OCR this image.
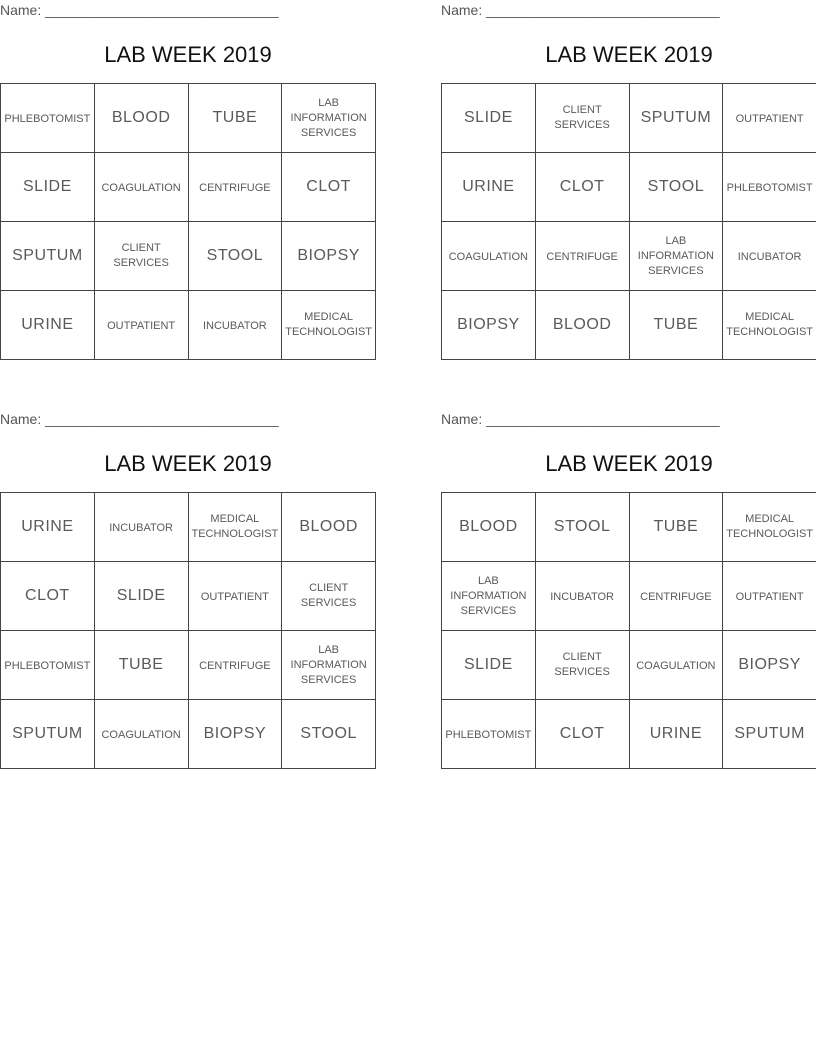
Name: ______________________________
LAB WEEK 2019
PHLEBOTOMIST	BLOOD	TUBE	LAB
INFORMATION
SERVICES
SLIDE	COAGULATION	CENTRIFUGE	CLOT
SPUTUM	CLIENT
SERVICES	STOOL	BIOPSY
URINE	OUTPATIENT	INCUBATOR	MEDICAL
TECHNOLOGIST
Name: ______________________________
LAB WEEK 2019
SLIDE	CLIENT
SERVICES	SPUTUM	OUTPATIENT
URINE	CLOT	STOOL	PHLEBOTOMIST
COAGULATION	CENTRIFUGE	LAB
INFORMATION
SERVICES	INCUBATOR
BIOPSY	BLOOD	TUBE	MEDICAL
TECHNOLOGIST
Name: ______________________________
LAB WEEK 2019
URINE	INCUBATOR	MEDICAL
TECHNOLOGIST	BLOOD
CLOT	SLIDE	OUTPATIENT	CLIENT
SERVICES
PHLEBOTOMIST	TUBE	CENTRIFUGE	LAB
INFORMATION
SERVICES
SPUTUM	COAGULATION	BIOPSY	STOOL
Name: ______________________________
LAB WEEK 2019
BLOOD	STOOL	TUBE	MEDICAL
TECHNOLOGIST
LAB
INFORMATION
SERVICES	INCUBATOR	CENTRIFUGE	OUTPATIENT
SLIDE	CLIENT
SERVICES	COAGULATION	BIOPSY
PHLEBOTOMIST	CLOT	URINE	SPUTUM
